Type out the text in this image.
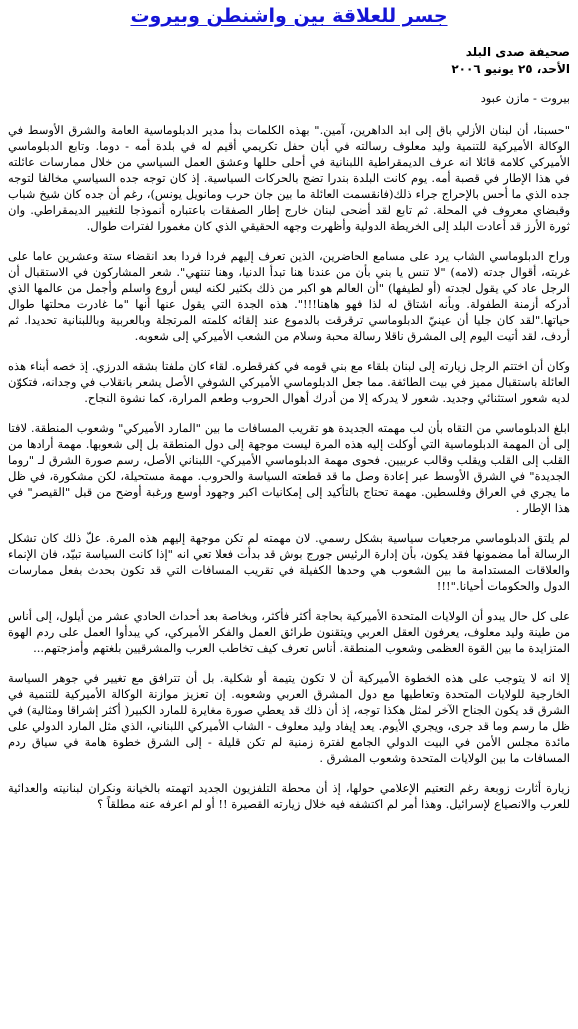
جسر للعلاقة بين واشنطن وبيروت
صحيفة صدى البلد
الأحد، ٢٥ يونيو ٢٠٠٦
بيروت - مازن عبود

"حسبنا، أن لبنان الأزلي باق إلى ابد الداهرين، آمين." بهذه الكلمات بدأ مدير الدبلوماسية العامة والشرق الأوسط في الوكالة الأميركية للتنمية وليد معلوف رسالته في أبان حفل تكريمي أقيم له في بلدة أمه - دوما. وتابع الدبلوماسي الأميركي كلامه قائلا انه عرف الديمقراطية اللبنانية في أحلى حللها وعشق العمل السياسي من خلال ممارسات عائلته في هذا الإطار في قصبة أمه. يوم كانت البلدة بندرا تضج بالحركات السياسية. إذ كان توجه جده السياسي مخالفا لتوجه جده الذي ما أحس بالإحراج جراء ذلك(فانقسمت العائلة ما بين جان حرب ومانويل يونس)، رغم أن جده كان شيخ شباب وقبضاي معروف في المحلة. ثم تابع لقد أضحى لبنان خارج إطار الصفقات باعتباره أنموذجا للتغيير الديمقراطي. وان ثورة الأرز قد أعادت البلد إلى الخريطة الدولية وأظهرت وجهه الحقيقي الذي كان مغمورا لفترات طوال.

وراح الدبلوماسي الشاب يرد على مسامع الحاضرين، الذين تعرف إليهم فردا فردا بعد انقضاء ستة وعشرين عاما على غربته، أقوال جدته (لامه) "لا تنس يا بني بأن من عندنا هنا تبدأ الدنيا، وهنا تنتهي". شعر المشاركون في الاستقبال أن الرجل عاد كي يقول لجدته (أو لطيفها) "أن العالم هو اكبر من ذلك بكثير لكنه ليس أروع واسلم وأجمل من عالمها الذي أدركه أزمنة الطفولة. وبأنه اشتاق له لذا فهو هاهنا!!!". هذه الجدة التي يقول عنها أنها "ما غادرت محلتها طوال حياتها."لقد كان جليا أن عينيّ الدبلوماسي ترقرقت بالدموع عند إلقائه كلمته المرتجلة وبالعربية وباللبنانية تحديدا. ثم أردف، لقد أتيت اليوم إلى المشرق ناقلا رسالة محبة وسلام من الشعب الأميركي إلى شعوبه.

وكان أن اختتم الرجل زيارته إلى لبنان بلقاء مع بني قومه في كفرقطره. لقاء كان ملفتا بشقه الدرزي. إذ خصه أبناء هذه العائلة باستقبال مميز في بيت الطائفة. مما جعل الدبلوماسي الأميركي الشوفي الأصل يشعر بانقلاب في وجدانه، فتكوّن لديه شعور استثنائي وجديد. شعور لا يدركه إلا من أدرك أهوال الحروب وطعم المرارة، كما نشوة النجاح.

ابلغ الدبلوماسي من التقاه بأن لب مهمته الجديدة هو تقريب المسافات ما بين "المارد الأميركي" وشعوب المنطقة. لافتا إلى أن المهمة الدبلوماسية التي أوكلت إليه هذه المرة ليست موجهة إلى دول المنطقة بل إلى شعوبها. مهمة أرادها من القلب إلى القلب ويقلب وقالب عربيين. فحوى مهمة الدبلوماسي الأميركي- اللبناني الأصل، رسم صورة الشرق لـ "روما الجديدة" في الشرق الأوسط عبر إعادة وصل ما قد قطعته السياسة والحروب. مهمة مستحيلة، لكن مشكورة، في ظل ما يجري في العراق وفلسطين. مهمة تحتاج بالتأكيد إلى إمكانيات اكبر وجهود أوسع ورغبة أوضح من قبل "القيصر" في هذا الإطار .

لم يلتق الدبلوماسي مرجعيات سياسية بشكل رسمي. لان مهمته لم تكن موجهة إليهم هذه المرة. علّ ذلك كان تشكل الرسالة أما مضمونها فقد يكون، بأن إدارة الرئيس جورج بوش قد بدأت فعلا تعي انه "إذا كانت السياسة تبيّد، فان الإنماء والعلاقات المستدامة ما بين الشعوب هي وحدها الكفيلة في تقريب المسافات التي قد تكون بحدث بفعل ممارسات الدول والحكومات أحيانا."!!!

على كل حال يبدو أن الولايات المتحدة الأميركية بحاجة أكثر فأكثر، وبخاصة بعد أحداث الحادي عشر من أيلول، إلى أناس من طينة وليد معلوف، يعرفون العقل العربي ويتقنون طرائق العمل والفكر الأميركي، كي يبدأوا العمل على ردم الهوة المتزايدة ما بين القوة العظمى وشعوب المنطقة. أناس تعرف كيف تخاطب العرب والمشرقيين بلغتهم وأمزجتهم...

إلا انه لا يتوجب على هذه الخطوة الأميركية أن لا تكون يتيمة أو شكلية. بل أن تترافق مع تغيير في جوهر السياسة الخارجية للولايات المتحدة وتعاطيها مع دول المشرق العربي وشعوبه. إن تعزيز موازنة الوكالة الأميركية للتنمية في الشرق قد يكون الجناح الآخر لمثل هكذا توجه، إذ أن ذلك قد يعطي صورة مغايرة للمارد الكبير( أكثر إشراقا ومثالية) في ظل ما رسم وما قد جرى، ويجري الأيوم. يعد إيفاد وليد معلوف - الشاب الأميركي اللبناني، الذي مثل المارد الدولي على مائدة مجلس الأمن في البيت الدولي الجامع لفترة زمنية لم تكن قليلة - إلى الشرق خطوة هامة في سياق ردم المسافات ما بين الولايات المتحدة وشعوب المشرق .

زيارة أثارت زوبعة رغم التعتيم الإعلامي حولها، إذ أن محطة التلفزيون الجديد اتهمته بالخيانة ونكران لبنانيته والعدائية للعرب والانصياع لإسرائيل. وهذا أمر لم اكتشفه فيه خلال زيارته القصيرة !! أو لم اعرفه عنه مطلقاً ؟
